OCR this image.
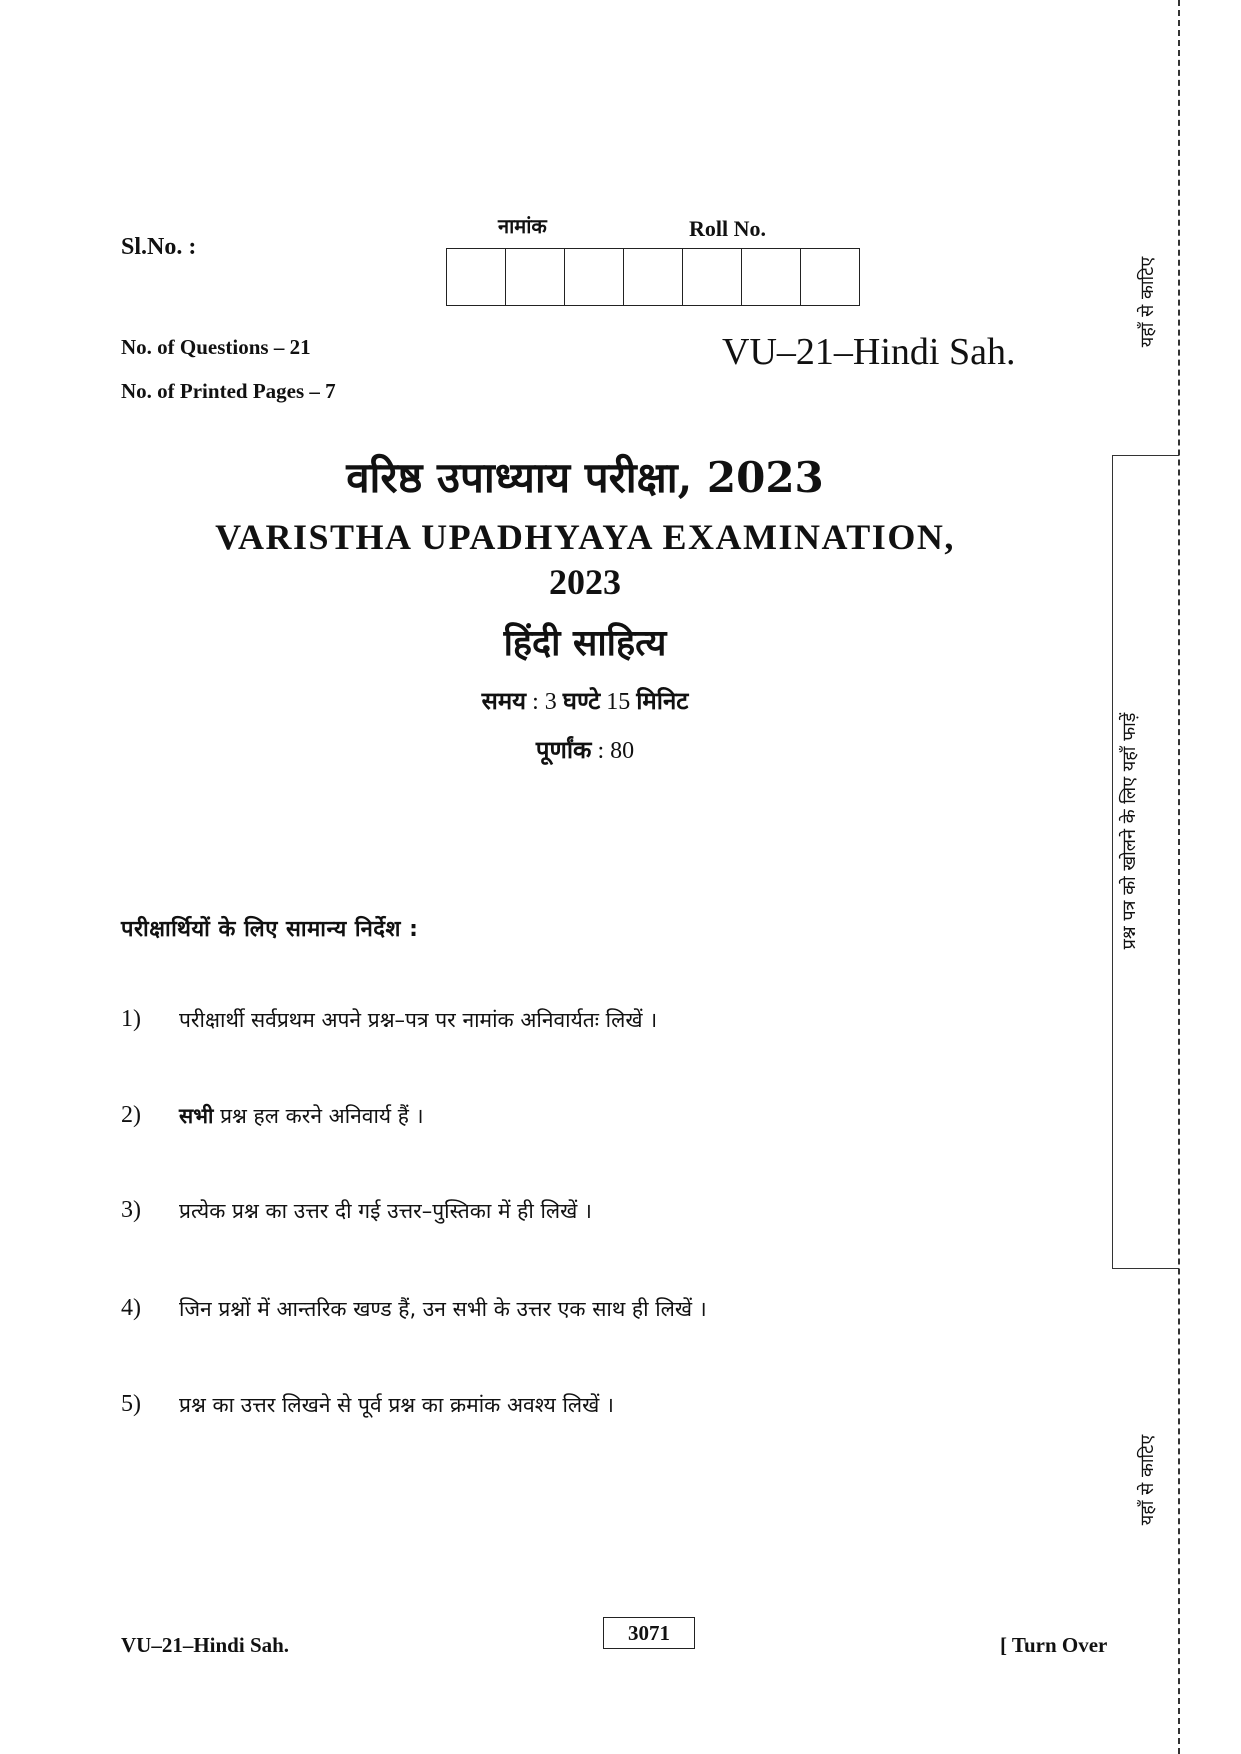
Sl.No. :
नामांक	Roll No.
No. of Questions – 21
No. of Printed Pages – 7
VU–21–Hindi Sah.
वरिष्ठ उपाध्याय परीक्षा, 2023
VARISTHA UPADHYAYA EXAMINATION,
2023
हिंदी साहित्य
समय : 3 घण्टे 15 मिनिट
पूर्णांक : 80
परीक्षार्थियों के लिए सामान्य निर्देश :
1)	परीक्षार्थी सर्वप्रथम अपने प्रश्न–पत्र पर नामांक अनिवार्यतः लिखें ।
2)	सभी प्रश्न हल करने अनिवार्य हैं ।
3)	प्रत्येक प्रश्न का उत्तर दी गई उत्तर–पुस्तिका में ही लिखें ।
4)	जिन प्रश्नों में आन्तरिक खण्ड हैं, उन सभी के उत्तर एक साथ ही लिखें ।
5)	प्रश्न का उत्तर लिखने से पूर्व प्रश्न का क्रमांक अवश्य लिखें ।
VU–21–Hindi Sah.	3071	[ Turn Over
यहाँ से काटिए
प्रश्न पत्र को खोलने के लिए यहाँ फाड़ें
यहाँ से काटिए
